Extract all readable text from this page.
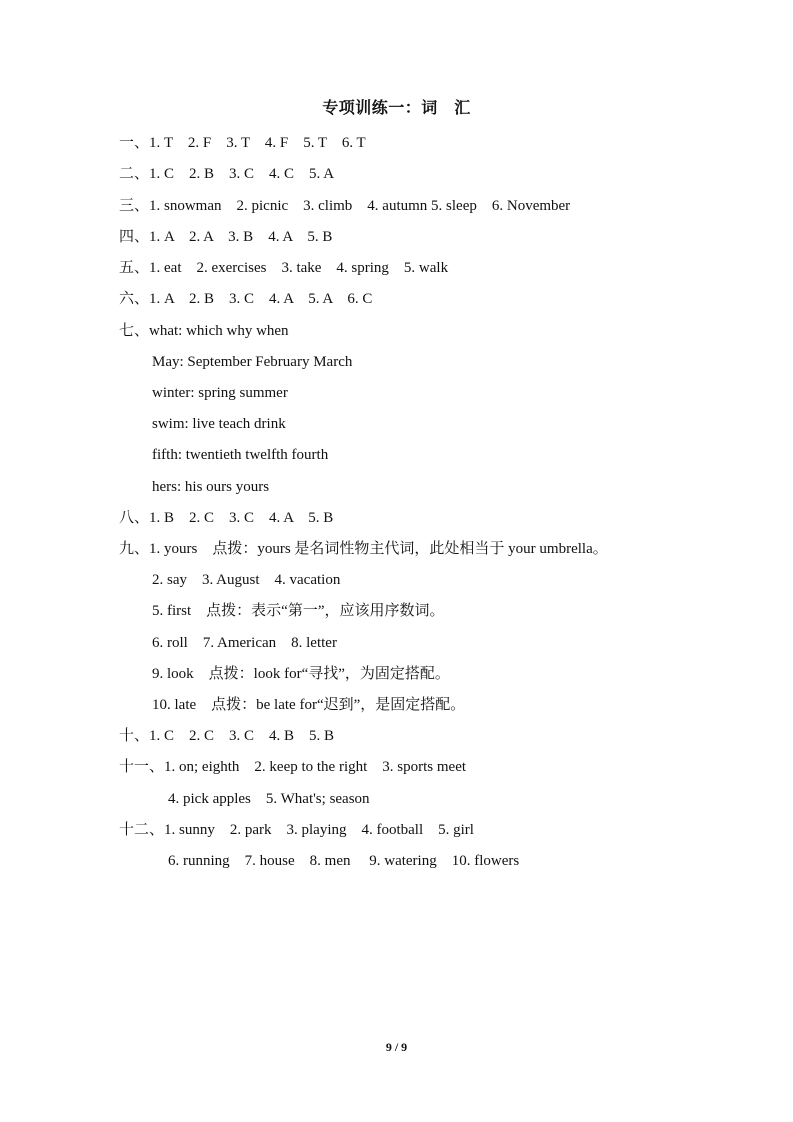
专项训练一：词　汇
一、1. T　2. F　3. T　4. F　5. T　6. T
二、1. C　2. B　3. C　4. C　5. A
三、1. snowman　2. picnic　3. climb　4. autumn 5. sleep　6. November
四、1. A　2. A　3. B　4. A　5. B
五、1. eat　2. exercises　3. take　4. spring　5. walk
六、1. A　2. B　3. C　4. A　5. A　6. C
七、what: which why when
May: September February March
winter: spring summer
swim: live teach drink
fifth: twentieth twelfth fourth
hers: his ours yours
八、1. B　2. C　3. C　4. A　5. B
九、1. yours　点拨：yours 是名词性物主代词，此处相当于 your umbrella。
2. say　3. August　4. vacation
5. first　点拨：表示“第一”，应该用序数词。
6. roll　7. American　8. letter
9. look　点拨：look for“寻找”，为固定搭配。
10. late　点拨：be late for“迟到”，是固定搭配。
十、1. C　2. C　3. C　4. B　5. B
十一、1. on; eighth　2. keep to the right　3. sports meet
4. pick apples　5. What's; season
十二、1. sunny　2. park　3. playing　4. football　5. girl
6. running　7. house　8. men　 9. watering　10. flowers
9 / 9
